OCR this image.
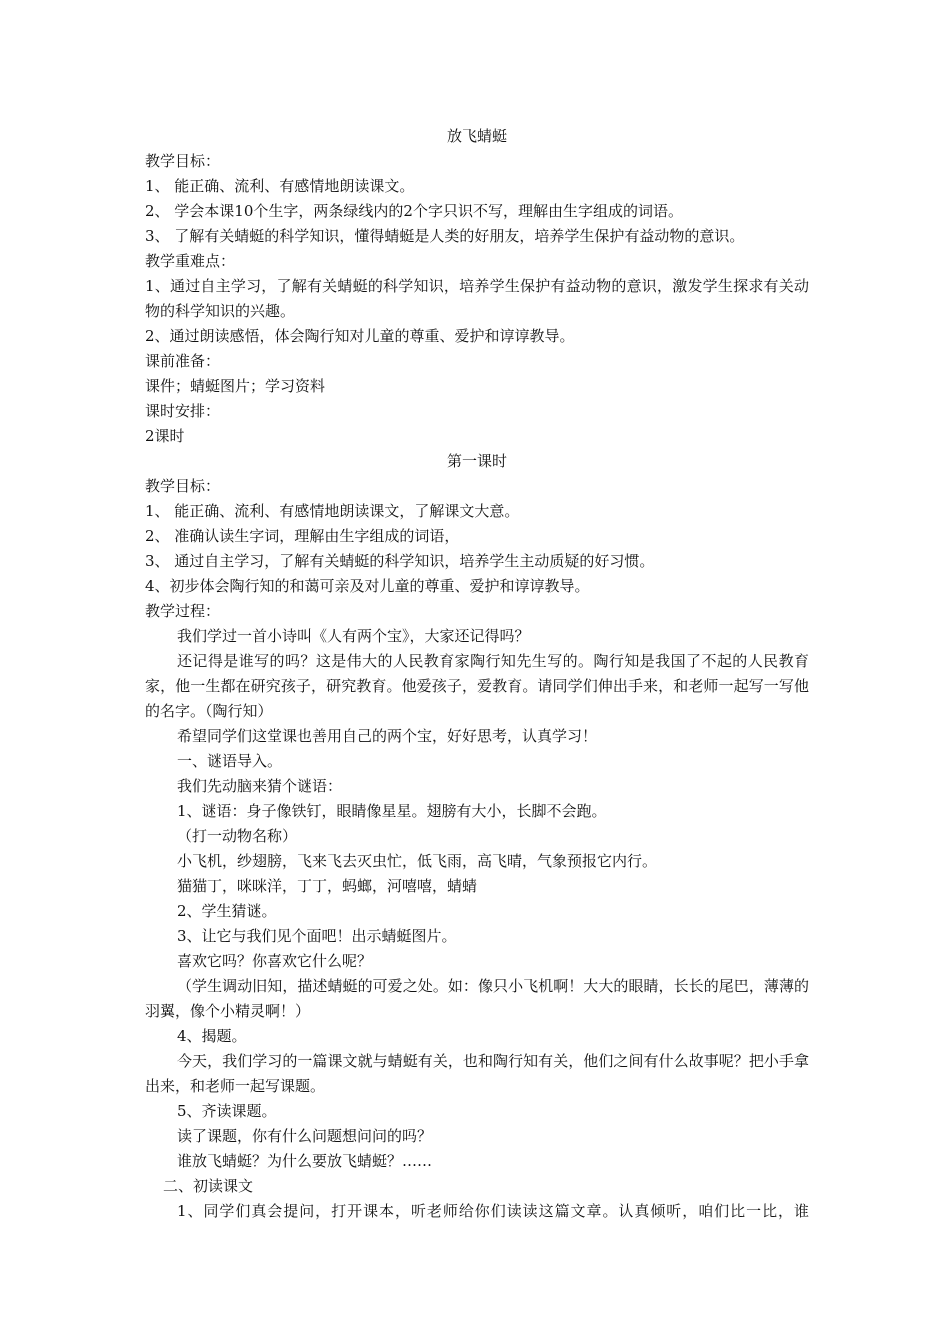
放飞蜻蜓

教学目标：

1、 能正确、流利、有感情地朗读课文。

2、 学会本课10个生字，两条绿线内的2个字只识不写，理解由生字组成的词语。

3、 了解有关蜻蜓的科学知识，懂得蜻蜓是人类的好朋友，培养学生保护有益动物的意识。

教学重难点：

1、通过自主学习，了解有关蜻蜓的科学知识，培养学生保护有益动物的意识，激发学生探求有关动物的科学知识的兴趣。

2、通过朗读感悟，体会陶行知对儿童的尊重、爱护和谆谆教导。

课前准备：

课件；蜻蜓图片；学习资料

课时安排：

2课时

第一课时

教学目标：

1、 能正确、流利、有感情地朗读课文，了解课文大意。

2、 准确认读生字词，理解由生字组成的词语，

3、 通过自主学习，了解有关蜻蜓的科学知识，培养学生主动质疑的好习惯。

4、初步体会陶行知的和蔼可亲及对儿童的尊重、爱护和谆谆教导。

教学过程：

我们学过一首小诗叫《人有两个宝》，大家还记得吗？

还记得是谁写的吗？这是伟大的人民教育家陶行知先生写的。陶行知是我国了不起的人民教育家，他一生都在研究孩子，研究教育。他爱孩子，爱教育。请同学们伸出手来，和老师一起写一写他的名字。（陶行知）

希望同学们这堂课也善用自己的两个宝，好好思考，认真学习！

一、谜语导入。

我们先动脑来猜个谜语：

1、谜语：身子像铁钉，眼睛像星星。翅膀有大小，长脚不会跑。

（打一动物名称）

小飞机，纱翅膀，飞来飞去灭虫忙，低飞雨，高飞晴，气象预报它内行。

猫猫丁，咪咪洋，丁丁，蚂螂，河嘻嘻，蜻蜻

2、学生猜谜。

3、让它与我们见个面吧！出示蜻蜓图片。

喜欢它吗？你喜欢它什么呢？

（学生调动旧知，描述蜻蜓的可爱之处。如：像只小飞机啊！大大的眼睛，长长的尾巴，薄薄的羽翼，像个小精灵啊！）

4、揭题。

今天，我们学习的一篇课文就与蜻蜓有关，也和陶行知有关，他们之间有什么故事呢？把小手拿出来，和老师一起写课题。

5、齐读课题。

读了课题，你有什么问题想问问的吗？

谁放飞蜻蜓？为什么要放飞蜻蜓？……

二、初读课文

1、同学们真会提问，打开课本，听老师给你们读读这篇文章。认真倾听，咱们比一比，谁
